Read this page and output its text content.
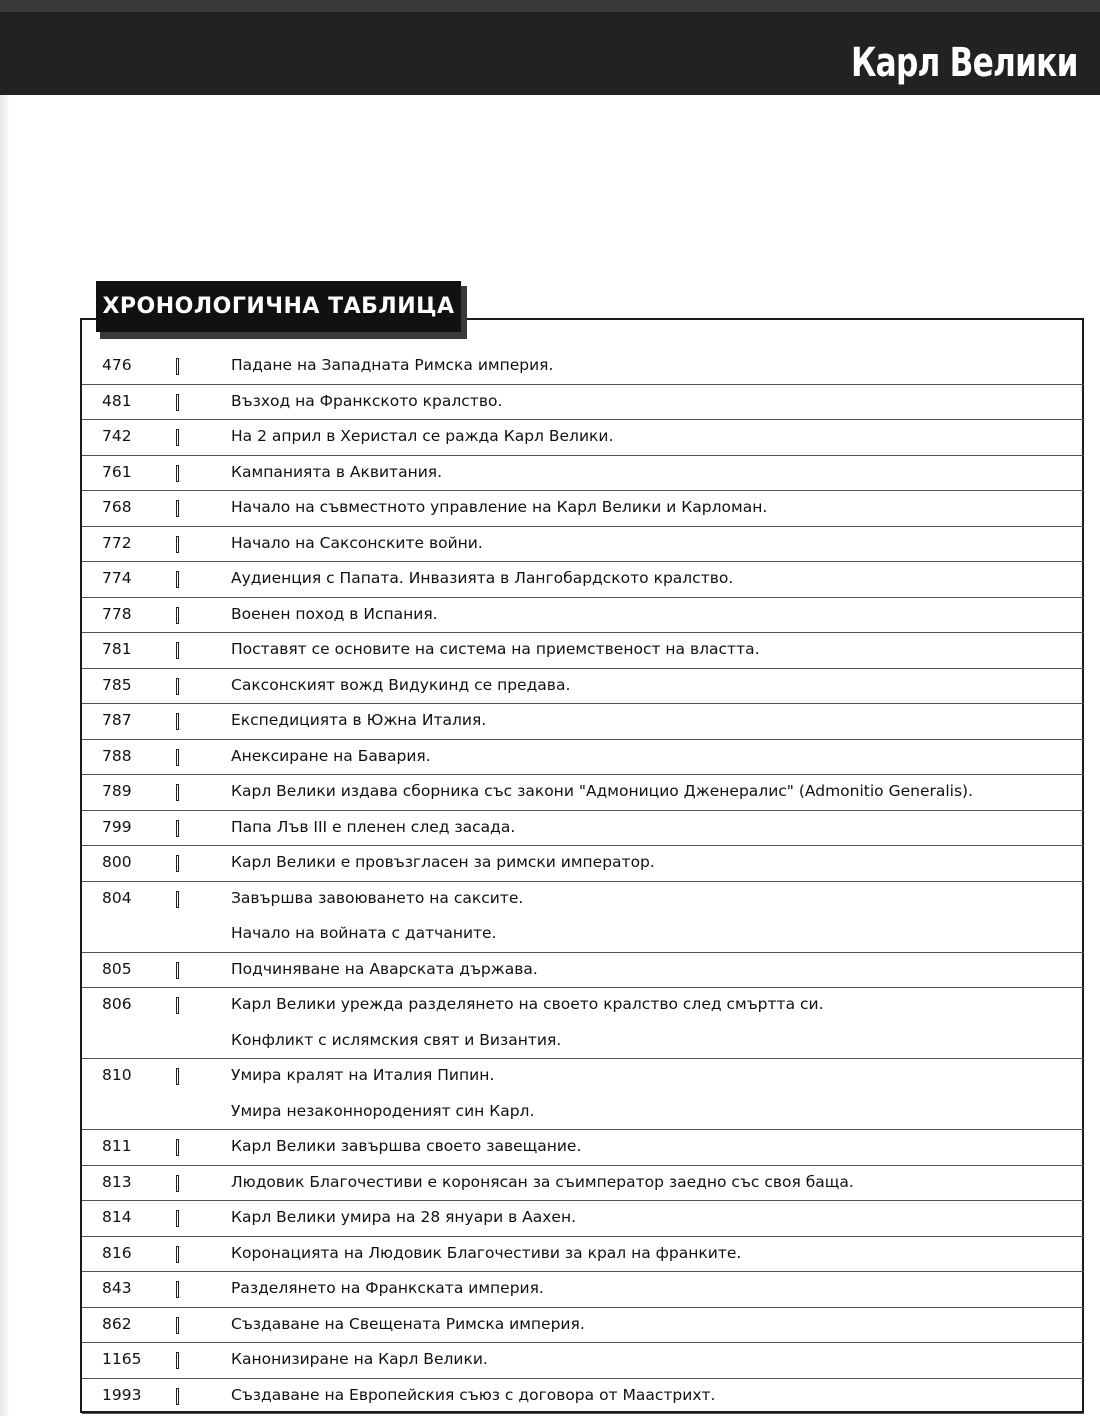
Карл Велики
ХРОНОЛОГИЧНА ТАБЛИЦА
476	Падане на Западната Римска империя.
481	Възход на Франкското кралство.
742	На 2 април в Херистал се ражда Карл Велики.
761	Кампанията в Аквитания.
768	Начало на съвместното управление на Карл Велики и Карломан.
772	Начало на Саксонските войни.
774	Аудиенция с Папата. Инвазията в Лангобардското кралство.
778	Военен поход в Испания.
781	Поставят се основите на система на приемственост на властта.
785	Саксонският вожд Видукинд се предава.
787	Експедицията в Южна Италия.
788	Анексиране на Бавария.
789	Карл Велики издава сборника със закони "Адмоницио Дженералис" (Admonitio Generalis).
799	Папа Лъв III е пленен след засада.
800	Карл Велики е провъзгласен за римски император.
804	Завършва завоюването на саксите.
Начало на войната с датчаните.
805	Подчиняване на Аварската държава.
806	Карл Велики урежда разделянето на своето кралство след смъртта си.
Конфликт с ислямския свят и Византия.
810	Умира кралят на Италия Пипин.
Умира незаконнороденият син Карл.
811	Карл Велики завършва своето завещание.
813	Людовик Благочестиви е коронясан за съимператор заедно със своя баща.
814	Карл Велики умира на 28 януари в Аахен.
816	Коронацията на Людовик Благочестиви за крал на франките.
843	Разделянето на Франкската империя.
862	Създаване на Свещената Римска империя.
1165	Канонизиране на Карл Велики.
1993	Създаване на Европейския съюз с договора от Маастрихт.
